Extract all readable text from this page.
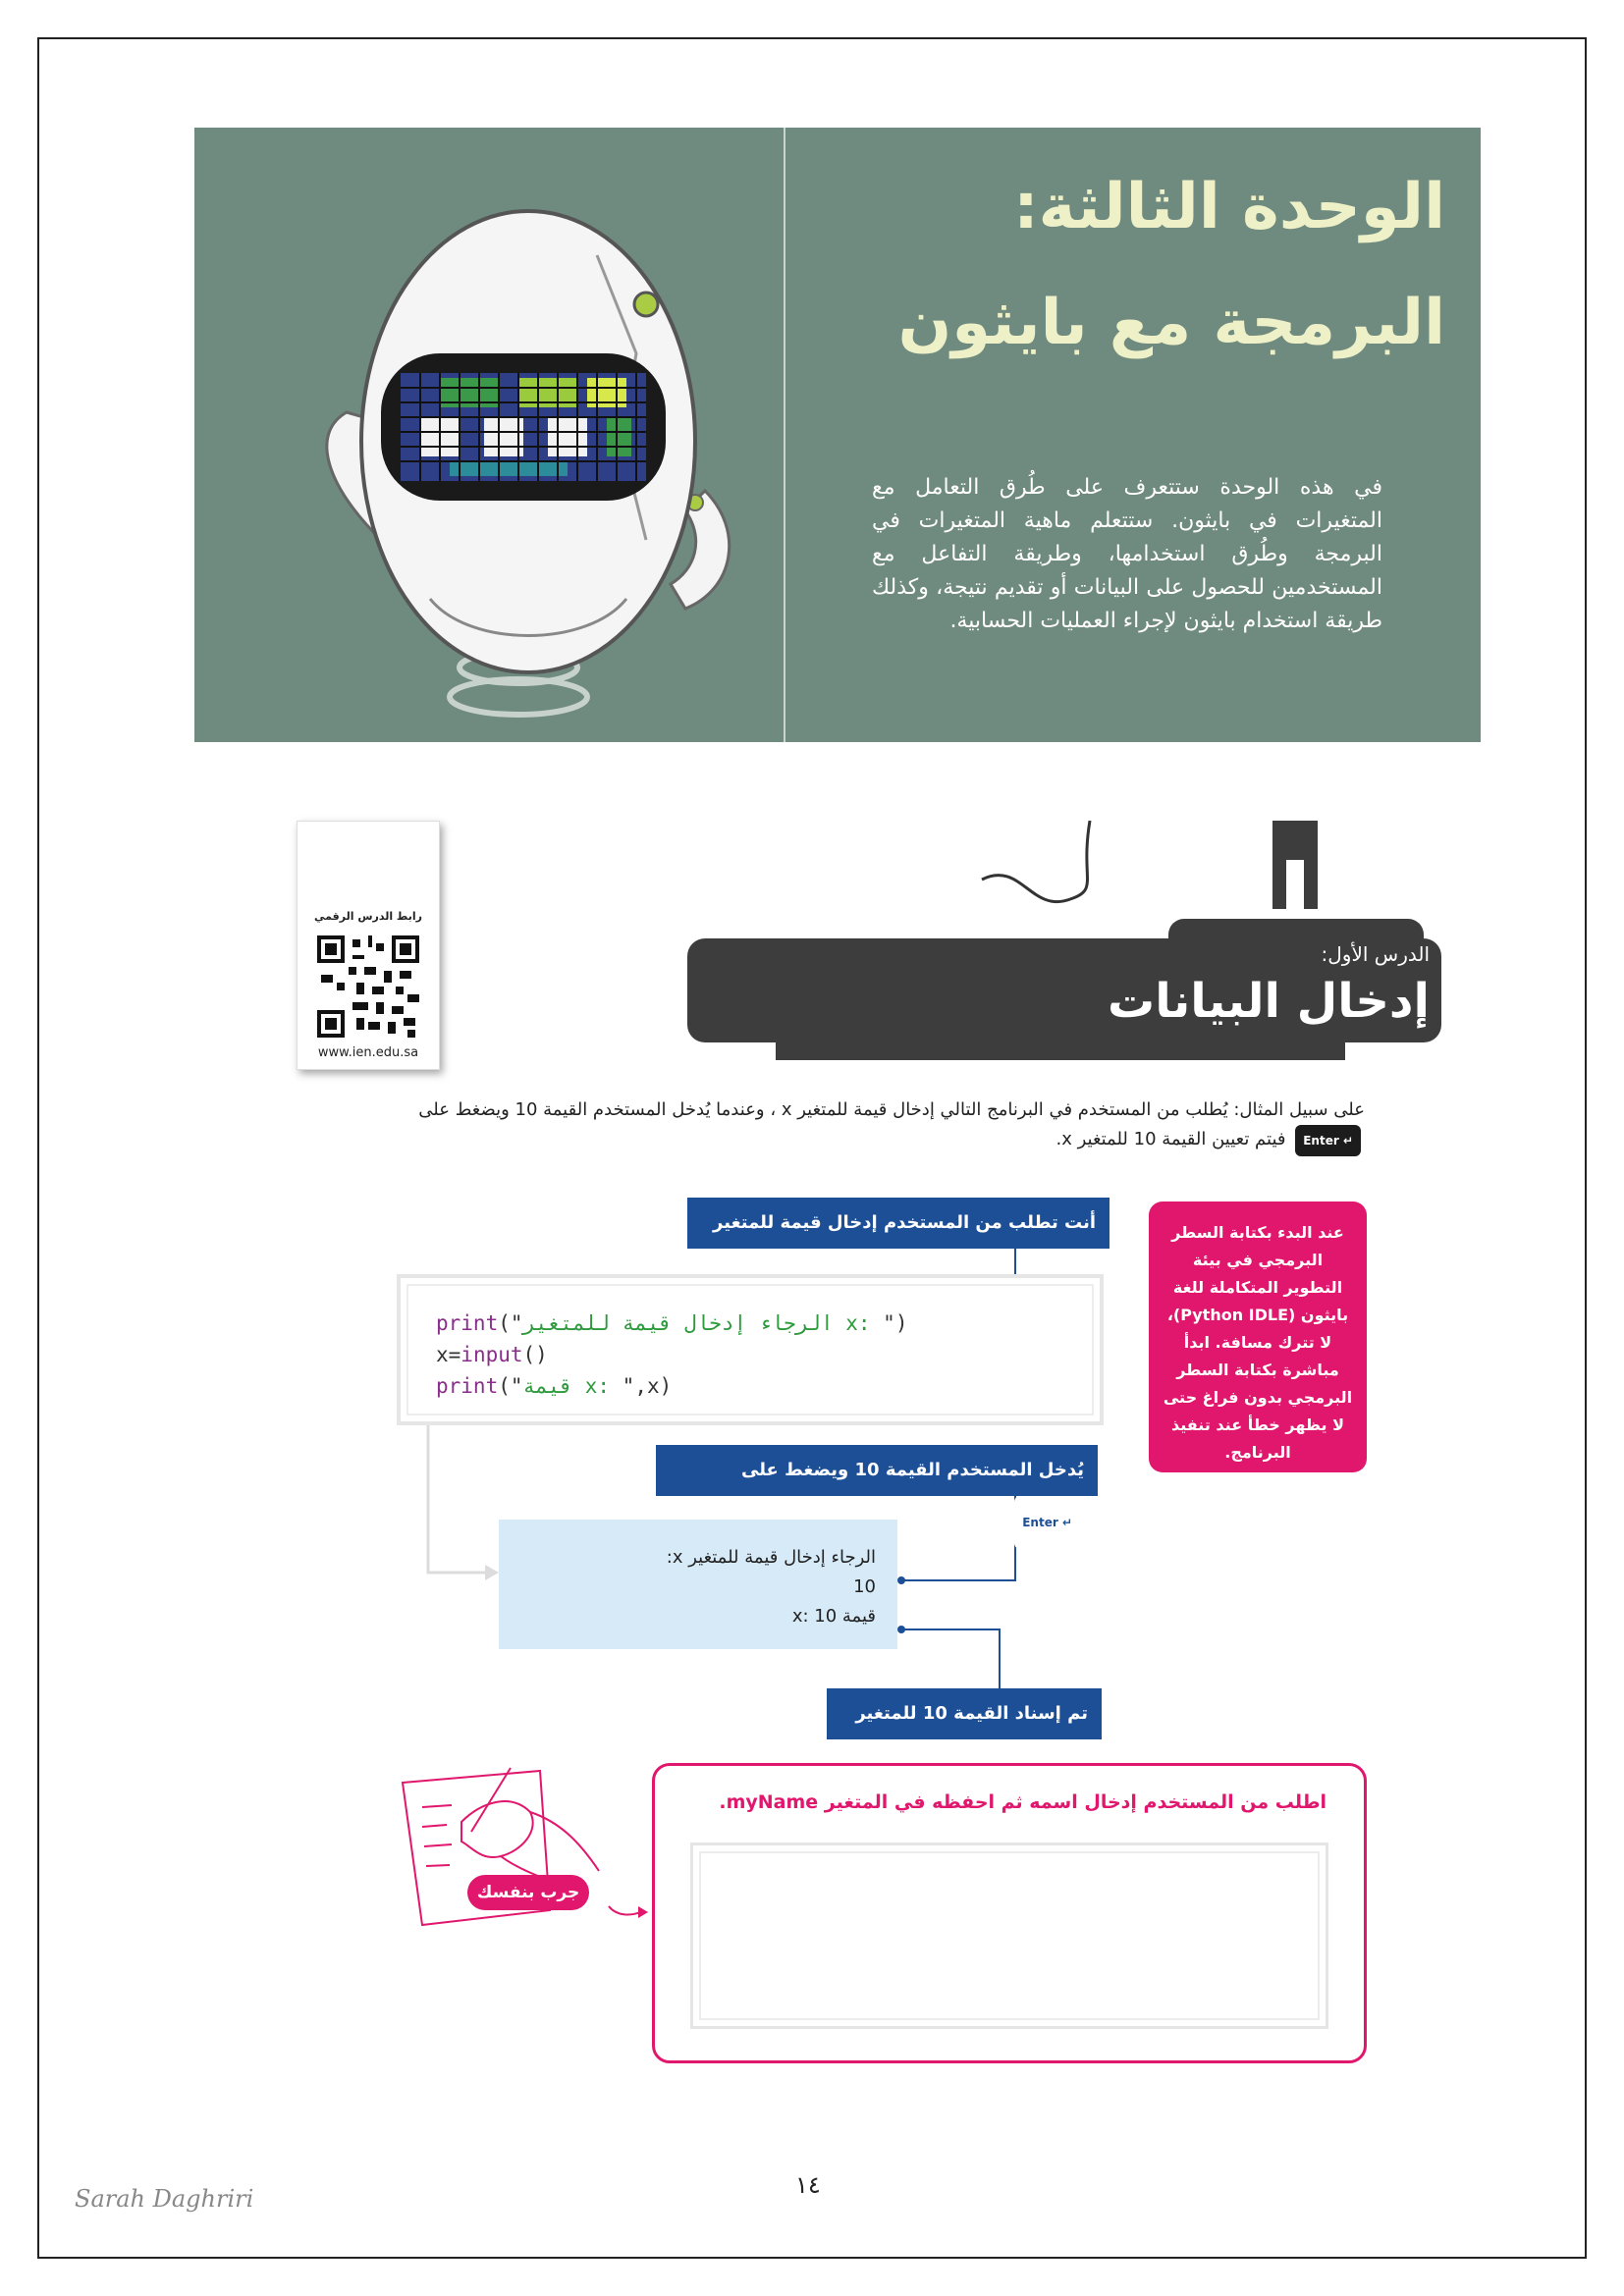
الوحدة الثالثة:
البرمجة مع بايثون
في هذه الوحدة ستتعرف على طُرق التعامل مع المتغيرات في بايثون. ستتعلم ماهية المتغيرات في البرمجة وطُرق استخدامها، وطريقة التفاعل مع المستخدمين للحصول على البيانات أو تقديم نتيجة، وكذلك طريقة استخدام بايثون لإجراء العمليات الحسابية.
الدرس الأول:
إدخال البيانات
رابط الدرس الرقمي
www.ien.edu.sa
على سبيل المثال: يُطلب من المستخدم في البرنامج التالي إدخال قيمة للمتغير x ، وعندما يُدخل المستخدم القيمة 10 ويضغط على Enter ↵ فيتم تعيين القيمة 10 للمتغير x.
أنت تطلب من المستخدم إدخال قيمة للمتغير
print("الرجاء إدخال قيمة للمتغير x: ")
x=input()
print("قيمة x: ",x)
يُدخل المستخدم القيمة 10 ويضغط على Enter ↵
الرجاء إدخال قيمة للمتغير x:
10
قيمة x: 10
تم إسناد القيمة 10 للمتغير x.
عند البدء بكتابة السطر البرمجي في بيئة التطوير المتكاملة للغة بايثون (Python IDLE)، لا تترك مسافة. ابدأ مباشرة بكتابة السطر البرمجي بدون فراغ حتى لا يظهر خطأ عند تنفيذ البرنامج.
جرب بنفسك
اطلب من المستخدم إدخال اسمه ثم احفظه في المتغير myName.
١٤
Sarah Daghriri
